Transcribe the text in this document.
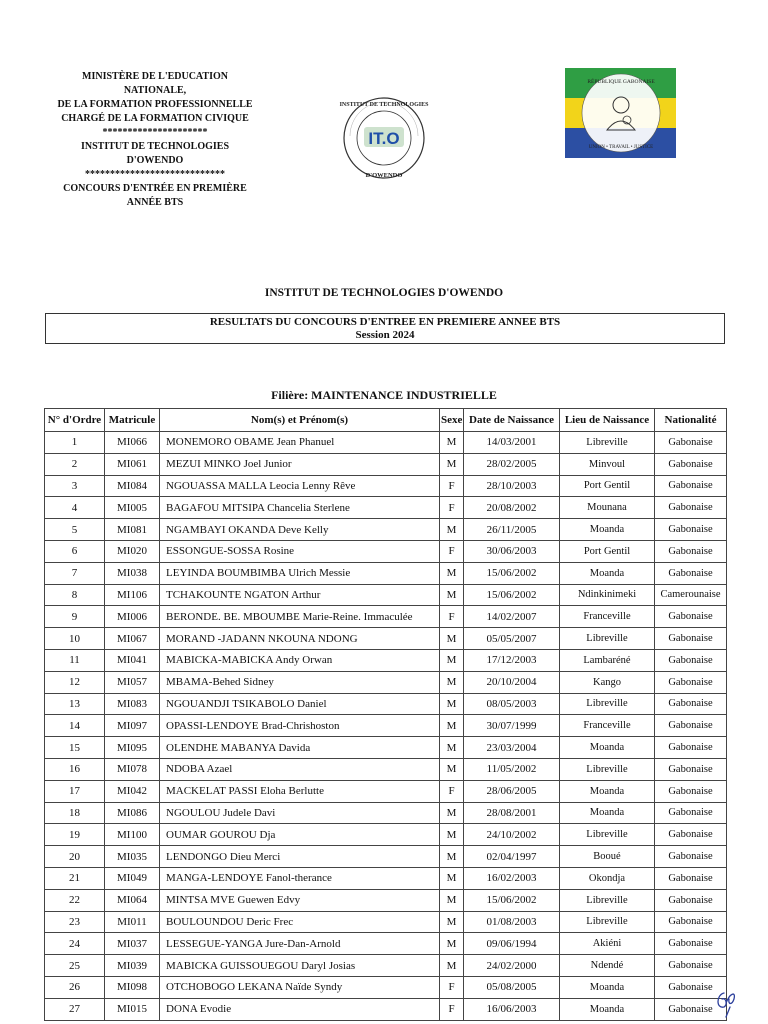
MINISTÈRE DE L'EDUCATION
NATIONALE,
DE LA FORMATION PROFESSIONNELLE
CHARGÉ DE LA FORMATION CIVIQUE
*********************
INSTITUT DE TECHNOLOGIES
D'OWENDO
****************************
CONCOURS D'ENTRÉE EN PREMIÈRE
ANNÉE BTS
INSTITUT DE TECHNOLOGIES
IT.O
D'OWENDO
RÉPUBLIQUE GABONAISE
UNION • TRAVAIL • JUSTICE
INSTITUT DE TECHNOLOGIES D'OWENDO
RESULTATS DU CONCOURS D'ENTREE EN PREMIERE ANNEE BTS
Session 2024
Filière: MAINTENANCE INDUSTRIELLE
N° d'Ordre	Matricule	Nom(s) et Prénom(s)	Sexe	Date de Naissance	Lieu de Naissance	Nationalité
1	MI066	MONEMORO OBAME Jean Phanuel	M	14/03/2001	Libreville	Gabonaise
2	MI061	MEZUI MINKO Joel Junior	M	28/02/2005	Minvoul	Gabonaise
3	MI084	NGOUASSA MALLA Leocia Lenny Rêve	F	28/10/2003	Port Gentil	Gabonaise
4	MI005	BAGAFOU MITSIPA Chancelia Sterlene	F	20/08/2002	Mounana	Gabonaise
5	MI081	NGAMBAYI OKANDA Deve Kelly	M	26/11/2005	Moanda	Gabonaise
6	MI020	ESSONGUE-SOSSA Rosine	F	30/06/2003	Port Gentil	Gabonaise
7	MI038	LEYINDA BOUMBIMBA Ulrich Messie	M	15/06/2002	Moanda	Gabonaise
8	MI106	TCHAKOUNTE NGATON Arthur	M	15/06/2002	Ndinkinimeki	Camerounaise
9	MI006	BERONDE. BE. MBOUMBE Marie-Reine. Immaculée	F	14/02/2007	Franceville	Gabonaise
10	MI067	MORAND -JADANN NKOUNA NDONG	M	05/05/2007	Libreville	Gabonaise
11	MI041	MABICKA-MABICKA Andy Orwan	M	17/12/2003	Lambaréné	Gabonaise
12	MI057	MBAMA-Behed Sidney	M	20/10/2004	Kango	Gabonaise
13	MI083	NGOUANDJI TSIKABOLO Daniel	M	08/05/2003	Libreville	Gabonaise
14	MI097	OPASSI-LENDOYE Brad-Chrishoston	M	30/07/1999	Franceville	Gabonaise
15	MI095	OLENDHE MABANYA Davida	M	23/03/2004	Moanda	Gabonaise
16	MI078	NDOBA Azael	M	11/05/2002	Libreville	Gabonaise
17	MI042	MACKELAT PASSI Eloha Berlutte	F	28/06/2005	Moanda	Gabonaise
18	MI086	NGOULOU Judele Davi	M	28/08/2001	Moanda	Gabonaise
19	MI100	OUMAR GOUROU Dja	M	24/10/2002	Libreville	Gabonaise
20	MI035	LENDONGO Dieu Merci	M	02/04/1997	Booué	Gabonaise
21	MI049	MANGA-LENDOYE Fanol-therance	M	16/02/2003	Okondja	Gabonaise
22	MI064	MINTSA MVE Guewen Edvy	M	15/06/2002	Libreville	Gabonaise
23	MI011	BOULOUNDOU Deric Frec	M	01/08/2003	Libreville	Gabonaise
24	MI037	LESSEGUE-YANGA Jure-Dan-Arnold	M	09/06/1994	Akiéni	Gabonaise
25	MI039	MABICKA GUISSOUEGOU Daryl Josias	M	24/02/2000	Ndendé	Gabonaise
26	MI098	OTCHOBOGO LEKANA Naïde Syndy	F	05/08/2005	Moanda	Gabonaise
27	MI015	DONA Evodie	F	16/06/2003	Moanda	Gabonaise
